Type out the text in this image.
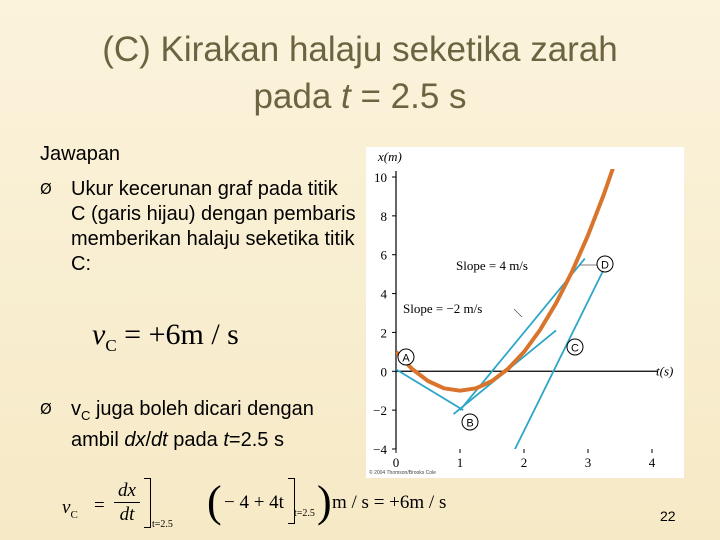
(C) Kirakan halaju seketika zarah
pada t = 2.5 s
Jawapan
Ø Ukur kecerunan graf pada titik C (garis hijau) dengan pembaris memberikan halaju seketika titik C:
$v_C = +6m / s$
Ø $v_C$ juga boleh dicari dengan ambil dx/dt pada t=2.5 s
$v_C$ =
dx
dt	t=2.5 ( − 4 + 4t
t=2.5 ) m / s = +6m / s
−4
−2
0
2
4
6
8
10
0	1	2	3	4
x(m)
t(s)
Slope = 4 m/s
Slope = −2 m/s
A
B
C
D
© 2004 Thomson/Brooks Cole
22
